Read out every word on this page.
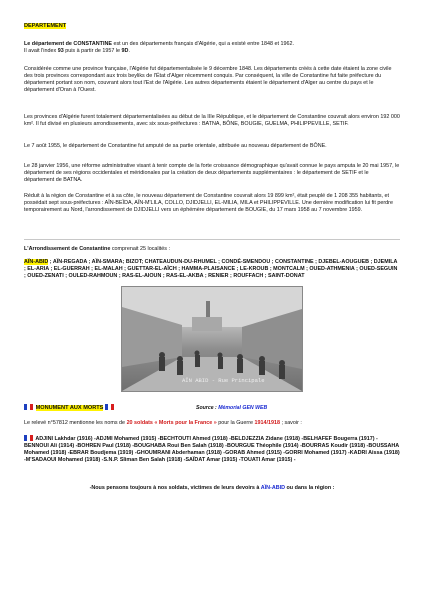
DEPARTEMENT

Le département de CONSTANTINE est un des départements français d'Algérie, qui a existé entre 1848 et 1962.
Il avait l'index 93 puis à partir de 1957 le 9D.

Considérée comme une province française, l'Algérie fut départementalisée le 9 décembre 1848. Les départements créés à cette date étaient la zone civile des trois provinces correspondant aux trois beyliks de l'État d'Alger récemment conquis. Par conséquent, la ville de Constantine fut faite préfecture du département portant son nom, couvrant alors tout l'Est de l'Algérie. Les autres départements étaient le département d'Alger au centre du pays et le département d'Oran à l'Ouest.

Les provinces d'Algérie furent totalement départementalisées au début de la IIIe République, et le département de Constantine couvrait alors environ 192 000 km². Il fut divisé en plusieurs arrondissements, avec six sous-préfectures : BATNA, BÔNE, BOUGIE, GUELMA, PHILIPPEVILLE, SETIF.

Le 7 août 1955, le département de Constantine fut amputé de sa partie orientale, attribuée au nouveau département de BÔNE.

Le 28 janvier 1956, une réforme administrative visant à tenir compte de la forte croissance démographique qu'avait connue le pays amputa le 20 mai 1957, le département de ses régions occidentales et méridionales par la création de deux départements supplémentaires : le département de SETIF et le département de BATNA.

Réduit à la région de Constantine et à sa côte, le nouveau département de Constantine couvrait alors 19 899 km², était peuplé de 1 208 355 habitants, et possédait sept sous-préfectures : AÏN-BEÏDA, AÏN-M'LILA, COLLO, DJIDJELLI, EL-MILIA, MILA et PHILIPPEVILLE. Une dernière modification lui fit perdre temporairement au Nord, l'arrondissement de DJIDJELLI vers un éphémère département de BOUGIE, du 17 mars 1958 au 7 novembre 1959.

L'Arrondissement de Constantine comprenait 25 localités :

AÏN-ABID ; AÏN-REGADA ; AÏN-SMARA; BIZOT; CHATEAUDUN-DU-RHUMEL ; CONDÉ-SMENDOU ; CONSTANTINE ; DJEBEL-AOUGUEB ; DJEMILA ; EL-ARIA ; EL-GUERRAH ; EL-MALAH ; GUETTAR-EL-AÏCH ; HAMMA-PLAISANCE ; LE-KROUB ; MONTCALM ; OUED-ATHMENIA ; OUED-SEGUIN ; OUED-ZENATI ; OULED-RAHMOUN ; RAS-EL-AIOUN ; RAS-EL-AKBA ; RENIER ; ROUFFACH ; SAINT-DONAT

AÏN ABID - Rue Principale
MONUMENT AUX MORTS	Source : Mémorial GEN WEB

Le relevé n°57812 mentionne les noms de 20 soldats « Morts pour la France » pour la Guerre 1914/1918 ; savoir :

ADJINI Lakhdar (1916) -ADJMI Mohamed (1915) -BECHTOUTI Ahmed (1918) -BELDJEZZIA Zidane (1918) -BELHAFEF Bougerra (1917) -BENNOUI Ali (1914) -BOHREN Paul (1918) -BOUGHABA Roui Ben Salah (1918) -BOURGUE Théophile (1914) -BOURRAS Koudir (1918) -BOUSSAHA Mohamed (1918) -EBRAR Boudjema (1919) -GHOUMRANI Abderhaman (1918) -GORAB Ahmed (1915) -GORRI Mohamed (1917) -KADRI Aissa (1918) -M'SADAOUI Mohamed (1918) -S.N.P. Sliman Ben Salah (1918) -SAÏDAT Amar (1915) -TOUATI Amar (1915) -

-Nous pensons toujours à nos soldats, victimes de leurs devoirs à AÏN-ABID ou dans la région :
